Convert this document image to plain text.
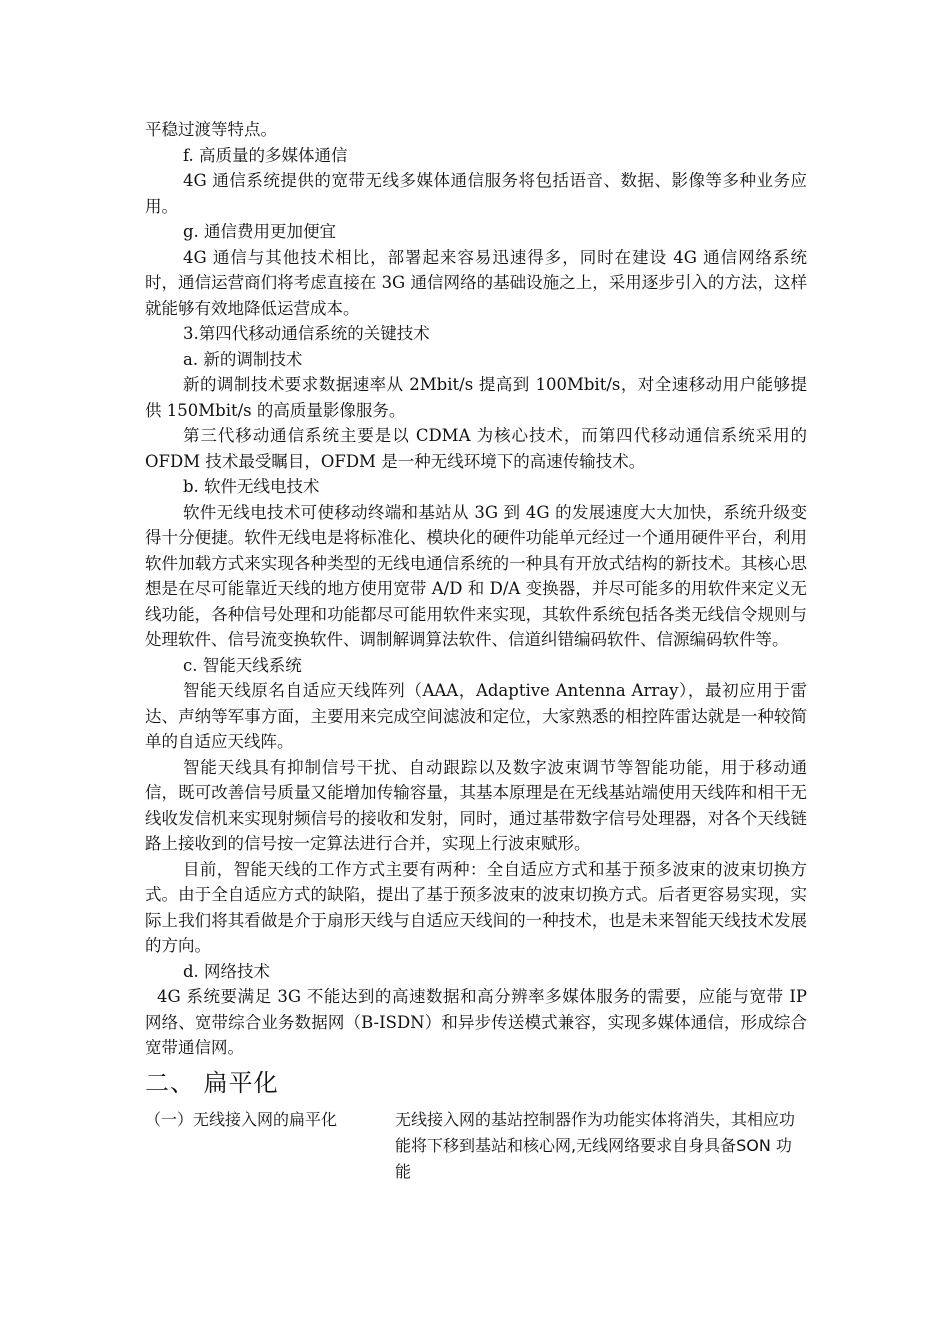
平稳过渡等特点。

f. 高质量的多媒体通信

4G 通信系统提供的宽带无线多媒体通信服务将包括语音、数据、影像等多种业务应用。

g. 通信费用更加便宜

4G 通信与其他技术相比，部署起来容易迅速得多，同时在建设 4G 通信网络系统时，通信运营商们将考虑直接在 3G 通信网络的基础设施之上，采用逐步引入的方法，这样就能够有效地降低运营成本。

3.第四代移动通信系统的关键技术

a. 新的调制技术

新的调制技术要求数据速率从 2Mbit/s 提高到 100Mbit/s，对全速移动用户能够提供 150Mbit/s 的高质量影像服务。

第三代移动通信系统主要是以 CDMA 为核心技术，而第四代移动通信系统采用的 OFDM 技术最受瞩目，OFDM 是一种无线环境下的高速传输技术。

b. 软件无线电技术

软件无线电技术可使移动终端和基站从 3G 到 4G 的发展速度大大加快，系统升级变得十分便捷。软件无线电是将标准化、模块化的硬件功能单元经过一个通用硬件平台，利用软件加载方式来实现各种类型的无线电通信系统的一种具有开放式结构的新技术。其核心思想是在尽可能靠近天线的地方使用宽带 A/D 和 D/A 变换器，并尽可能多的用软件来定义无线功能，各种信号处理和功能都尽可能用软件来实现，其软件系统包括各类无线信令规则与处理软件、信号流变换软件、调制解调算法软件、信道纠错编码软件、信源编码软件等。

c. 智能天线系统

智能天线原名自适应天线阵列（AAA，Adaptive Antenna Array），最初应用于雷达、声纳等军事方面，主要用来完成空间滤波和定位，大家熟悉的相控阵雷达就是一种较简单的自适应天线阵。

智能天线具有抑制信号干扰、自动跟踪以及数字波束调节等智能功能，用于移动通信，既可改善信号质量又能增加传输容量，其基本原理是在无线基站端使用天线阵和相干无线收发信机来实现射频信号的接收和发射，同时，通过基带数字信号处理器，对各个天线链路上接收到的信号按一定算法进行合并，实现上行波束赋形。

目前，智能天线的工作方式主要有两种：全自适应方式和基于预多波束的波束切换方式。由于全自适应方式的缺陷，提出了基于预多波束的波束切换方式。后者更容易实现，实际上我们将其看做是介于扇形天线与自适应天线间的一种技术，也是未来智能天线技术发展的方向。

d. 网络技术

4G 系统要满足 3G 不能达到的高速数据和高分辨率多媒体服务的需要，应能与宽带 IP 网络、宽带综合业务数据网（B-ISDN）和异步传送模式兼容，实现多媒体通信，形成综合宽带通信网。

二、 扁平化
（一）无线接入网的扁平化	无线接入网的基站控制器作为功能实体将消失，其相应功能将下移到基站和核心网,无线网络要求自身具备SON 功能
